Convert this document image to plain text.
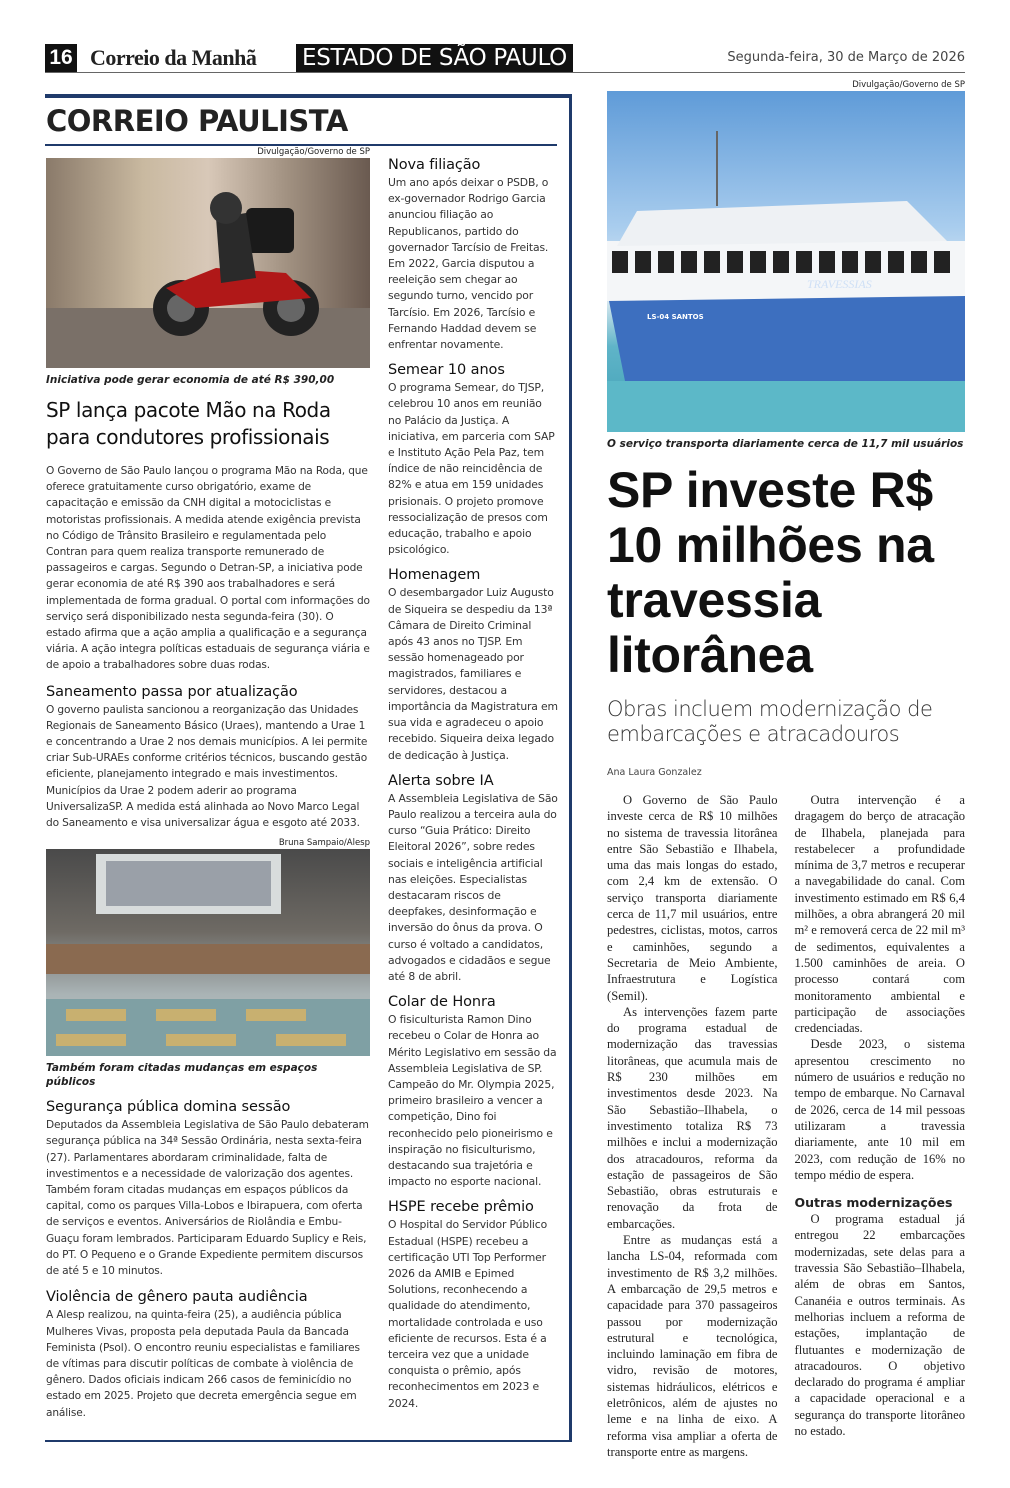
16 Correio da Manhã ESTADO DE SÃO PAULO	Segunda-feira, 30 de Março de 2026
CORREIO PAULISTA
Divulgação/Governo de SP
Iniciativa pode gerar economia de até R$ 390,00
SP lança pacote Mão na Roda para condutores profissionais
O Governo de São Paulo lançou o programa Mão na Roda, que oferece gratuitamente curso obrigatório, exame de capacitação e emissão da CNH digital a motociclistas e motoristas profissionais. A medida atende exigência prevista no Código de Trânsito Brasileiro e regulamentada pelo Contran para quem realiza transporte remunerado de passageiros e cargas. Segundo o Detran-SP, a iniciativa pode gerar economia de até R$ 390 aos trabalhadores e será implementada de forma gradual. O portal com informações do serviço será disponibilizado nesta segunda-feira (30). O estado afirma que a ação amplia a qualificação e a segurança viária. A ação integra políticas estaduais de segurança viária e de apoio a trabalhadores sobre duas rodas.
Saneamento passa por atualização
O governo paulista sancionou a reorganização das Unidades Regionais de Saneamento Básico (Uraes), mantendo a Urae 1 e concentrando a Urae 2 nos demais municípios. A lei permite criar Sub-URAEs conforme critérios técnicos, buscando gestão eficiente, planejamento integrado e mais investimentos. Municípios da Urae 2 podem aderir ao programa UniversalizaSP. A medida está alinhada ao Novo Marco Legal do Saneamento e visa universalizar água e esgoto até 2033.
Bruna Sampaio/Alesp
Também foram citadas mudanças em espaços públicos
Segurança pública domina sessão
Deputados da Assembleia Legislativa de São Paulo debateram segurança pública na 34ª Sessão Ordinária, nesta sexta-feira (27). Parlamentares abordaram criminalidade, falta de investimentos e a necessidade de valorização dos agentes. Também foram citadas mudanças em espaços públicos da capital, como os parques Villa-Lobos e Ibirapuera, com oferta de serviços e eventos. Aniversários de Riolândia e Embu-Guaçu foram lembrados. Participaram Eduardo Suplicy e Reis, do PT. O Pequeno e o Grande Expediente permitem discursos de até 5 e 10 minutos.
Violência de gênero pauta audiência
A Alesp realizou, na quinta-feira (25), a audiência pública Mulheres Vivas, proposta pela deputada Paula da Bancada Feminista (Psol). O encontro reuniu especialistas e familiares de vítimas para discutir políticas de combate à violência de gênero. Dados oficiais indicam 266 casos de feminicídio no estado em 2025. Projeto que decreta emergência segue em análise.
Nova filiação
Um ano após deixar o PSDB, o ex-governador Rodrigo Garcia anunciou filiação ao Republicanos, partido do governador Tarcísio de Freitas. Em 2022, Garcia disputou a reeleição sem chegar ao segundo turno, vencido por Tarcísio. Em 2026, Tarcísio e Fernando Haddad devem se enfrentar novamente.
Semear 10 anos
O programa Semear, do TJSP, celebrou 10 anos em reunião no Palácio da Justiça. A iniciativa, em parceria com SAP e Instituto Ação Pela Paz, tem índice de não reincidência de 82% e atua em 159 unidades prisionais. O projeto promove ressocialização de presos com educação, trabalho e apoio psicológico.
Homenagem
O desembargador Luiz Augusto de Siqueira se despediu da 13ª Câmara de Direito Criminal após 43 anos no TJSP. Em sessão homenageado por magistrados, familiares e servidores, destacou a importância da Magistratura em sua vida e agradeceu o apoio recebido. Siqueira deixa legado de dedicação à Justiça.
Alerta sobre IA
A Assembleia Legislativa de São Paulo realizou a terceira aula do curso “Guia Prático: Direito Eleitoral 2026”, sobre redes sociais e inteligência artificial nas eleições. Especialistas destacaram riscos de deepfakes, desinformação e inversão do ônus da prova. O curso é voltado a candidatos, advogados e cidadãos e segue até 8 de abril.
Colar de Honra
O fisiculturista Ramon Dino recebeu o Colar de Honra ao Mérito Legislativo em sessão da Assembleia Legislativa de SP. Campeão do Mr. Olympia 2025, primeiro brasileiro a vencer a competição, Dino foi reconhecido pelo pioneirismo e inspiração no fisiculturismo, destacando sua trajetória e impacto no esporte nacional.
HSPE recebe prêmio
O Hospital do Servidor Público Estadual (HSPE) recebeu a certificação UTI Top Performer 2026 da AMIB e Epimed Solutions, reconhecendo a qualidade do atendimento, mortalidade controlada e uso eficiente de recursos. Esta é a terceira vez que a unidade conquista o prêmio, após reconhecimentos em 2023 e 2024.
Divulgação/Governo de SP
TRAVESSIAS
LS-04 SANTOS
O serviço transporta diariamente cerca de 11,7 mil usuários
SP investe R$ 10 milhões na travessia litorânea
Obras incluem modernização de embarcações e atracadouros
Ana Laura Gonzalez

O Governo de São Paulo investe cerca de R$ 10 milhões no sistema de travessia litorânea entre São Sebastião e Ilhabela, uma das mais longas do estado, com 2,4 km de extensão. O serviço transporta diariamente cerca de 11,7 mil usuários, entre pedestres, ciclistas, motos, carros e caminhões, segundo a Secretaria de Meio Ambiente, Infraestrutura e Logística (Semil).

As intervenções fazem parte do programa estadual de modernização das travessias litorâneas, que acumula mais de R$ 230 milhões em investimentos desde 2023. Na São Sebastião–Ilhabela, o investimento totaliza R$ 73 milhões e inclui a modernização dos atracadouros, reforma da estação de passageiros de São Sebastião, obras estruturais e renovação da frota de embarcações.

Entre as mudanças está a lancha LS-04, reformada com investimento de R$ 3,2 milhões. A embarcação de 29,5 metros e capacidade para 370 passageiros passou por modernização estrutural e tecnológica, incluindo laminação em fibra de vidro, revisão de motores, sistemas hidráulicos, elétricos e eletrônicos, além de ajustes no leme e na linha de eixo. A reforma visa ampliar a oferta de transporte entre as margens.

Outra intervenção é a dragagem do berço de atracação de Ilhabela, planejada para restabelecer a profundidade mínima de 3,7 metros e recuperar a navegabilidade do canal. Com investimento estimado em R$ 6,4 milhões, a obra abrangerá 20 mil m² e removerá cerca de 22 mil m³ de sedimentos, equivalentes a 1.500 caminhões de areia. O processo contará com monitoramento ambiental e participação de associações credenciadas.

Desde 2023, o sistema apresentou crescimento no número de usuários e redução no tempo de embarque. No Carnaval de 2026, cerca de 14 mil pessoas utilizaram a travessia diariamente, ante 10 mil em 2023, com redução de 16% no tempo médio de espera.

Outras modernizações

O programa estadual já entregou 22 embarcações modernizadas, sete delas para a travessia São Sebastião–Ilhabela, além de obras em Santos, Cananéia e outros terminais. As melhorias incluem a reforma de estações, implantação de flutuantes e modernização de atracadouros. O objetivo declarado do programa é ampliar a capacidade operacional e a segurança do transporte litorâneo no estado.
